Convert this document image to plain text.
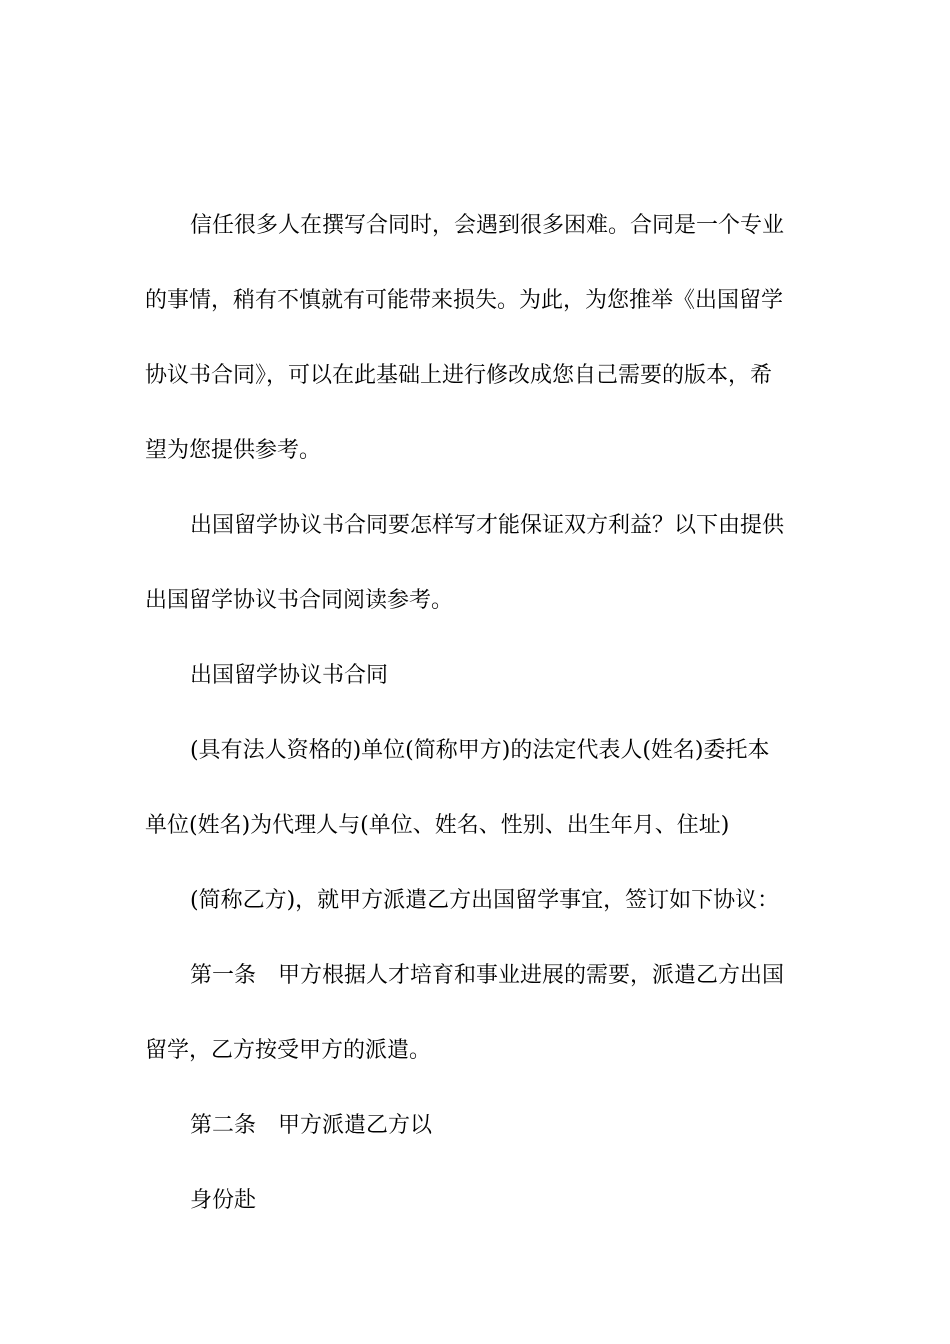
信任很多人在撰写合同时，会遇到很多困难。合同是一个专业

的事情，稍有不慎就有可能带来损失。为此，为您推举《出国留学

协议书合同》，可以在此基础上进行修改成您自己需要的版本，希

望为您提供参考。

出国留学协议书合同要怎样写才能保证双方利益？以下由提供

出国留学协议书合同阅读参考。

出国留学协议书合同

(具有法人资格的)单位(简称甲方)的法定代表人(姓名)委托本

单位(姓名)为代理人与(单位、姓名、性别、出生年月、住址)

(简称乙方)，就甲方派遣乙方出国留学事宜，签订如下协议：

第一条　甲方根据人才培育和事业进展的需要，派遣乙方出国

留学，乙方按受甲方的派遣。

第二条　甲方派遣乙方以

身份赴
